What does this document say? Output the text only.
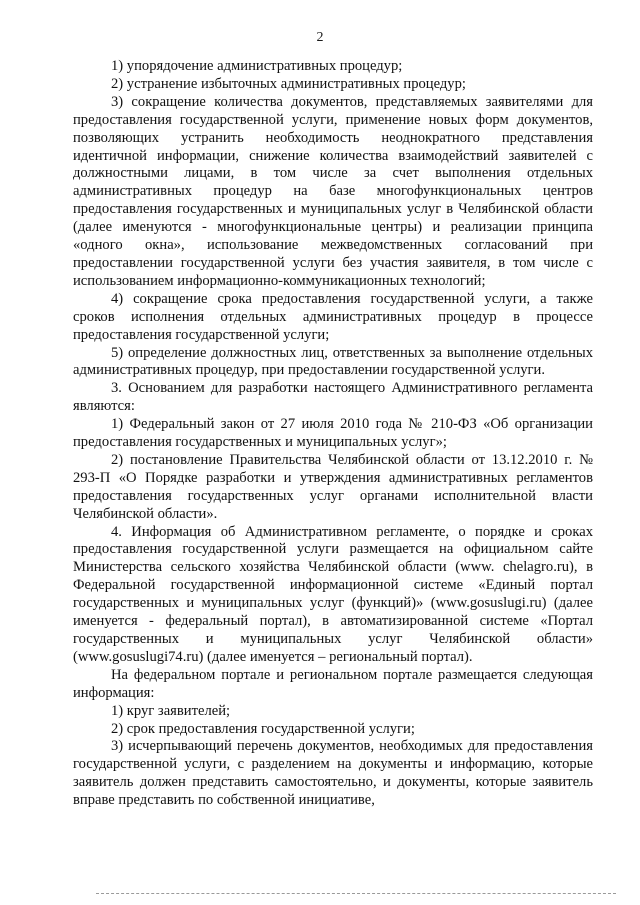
2

1) упорядочение административных процедур;

2) устранение избыточных административных процедур;

3) сокращение количества документов, представляемых заявителями для предоставления государственной услуги, применение новых форм документов, позволяющих устранить необходимость неоднократного представления идентичной информации, снижение количества взаимодействий заявителей с должностными лицами, в том числе за счет выполнения отдельных административных процедур на базе многофункциональных центров предоставления государственных и муниципальных услуг в Челябинской области (далее именуются - многофункциональные центры) и реализации принципа «одного окна», использование межведомственных согласований при предоставлении государственной услуги без участия заявителя, в том числе с использованием информационно-коммуникационных технологий;

4) сокращение срока предоставления государственной услуги, а также сроков исполнения отдельных административных процедур в процессе предоставления государственной услуги;

5) определение должностных лиц, ответственных за выполнение отдельных административных процедур, при предоставлении государственной услуги.

3. Основанием для разработки настоящего Административного регламента являются:

1) Федеральный закон от 27 июля 2010 года № 210-ФЗ «Об организации предоставления государственных и муниципальных услуг»;

2) постановление Правительства Челябинской области от 13.12.2010 г. № 293-П «О Порядке разработки и утверждения административных регламентов предоставления государственных услуг органами исполнительной власти Челябинской области».

4. Информация об Административном регламенте, о порядке и сроках предоставления государственной услуги размещается на официальном сайте Министерства сельского хозяйства Челябинской области (www. chelagro.ru), в Федеральной государственной информационной системе «Единый портал государственных и муниципальных услуг (функций)» (www.gosuslugi.ru) (далее именуется - федеральный портал), в автоматизированной системе «Портал государственных и муниципальных услуг Челябинской области» (www.gosuslugi74.ru) (далее именуется – региональный портал).

На федеральном портале и региональном портале размещается следующая информация:

1) круг заявителей;

2) срок предоставления государственной услуги;

3) исчерпывающий перечень документов, необходимых для предоставления государственной услуги, с разделением на документы и информацию, которые заявитель должен представить самостоятельно, и документы, которые заявитель вправе представить по собственной инициативе,
